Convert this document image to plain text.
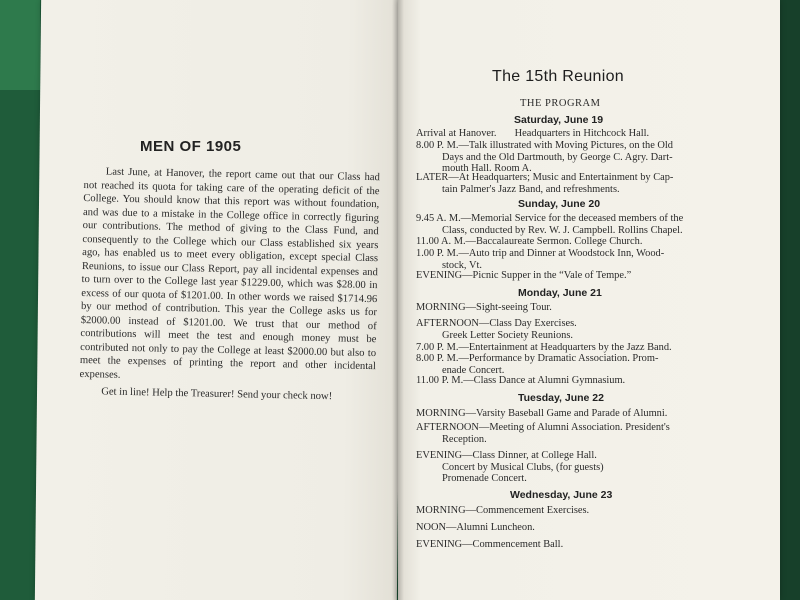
MEN OF 1905

Last June, at Hanover, the report came out that our Class had not reached its quota for taking care of the operating deficit of the College. You should know that this report was without foundation, and was due to a mistake in the College office in correctly figuring our contributions. The method of giving to the Class Fund, and consequently to the College which our Class established six years ago, has enabled us to meet every obligation, except special Class Reunions, to issue our Class Report, pay all incidental expenses and to turn over to the College last year $1229.00, which was $28.00 in excess of our quota of $1201.00. In other words we raised $1714.96 by our method of contribution. This year the College asks us for $2000.00 instead of $1201.00. We trust that our method of contributions will meet the test and enough money must be contributed not only to pay the College at least $2000.00 but also to meet the expenses of printing the report and other incidental expenses.

Get in line! Help the Treasurer! Send your check now!

The 15th Reunion
THE PROGRAM
Saturday, June 19
Arrival at Hanover.       Headquarters in Hitchcock Hall.
8.00 P. M.—Talk illustrated with Moving Pictures, on the Old
Days and the Old Dartmouth, by George C. Agry. Dart-
mouth Hall. Room A.
LATER—At Headquarters; Music and Entertainment by Cap-
tain Palmer's Jazz Band, and refreshments.
Sunday, June 20
9.45 A. M.—Memorial Service for the deceased members of the
Class, conducted by Rev. W. J. Campbell. Rollins Chapel.
11.00 A. M.—Baccalaureate Sermon. College Church.
1.00 P. M.—Auto trip and Dinner at Woodstock Inn, Wood-
stock, Vt.
EVENING—Picnic Supper in the “Vale of Tempe.”
Monday, June 21
MORNING—Sight-seeing Tour.
AFTERNOON—Class Day Exercises.
Greek Letter Society Reunions.
7.00 P. M.—Entertainment at Headquarters by the Jazz Band.
8.00 P. M.—Performance by Dramatic Association. Prom-
enade Concert.
11.00 P. M.—Class Dance at Alumni Gymnasium.
Tuesday, June 22
MORNING—Varsity Baseball Game and Parade of Alumni.
AFTERNOON—Meeting of Alumni Association. President's
Reception.
EVENING—Class Dinner, at College Hall.
Concert by Musical Clubs, (for guests)
Promenade Concert.
Wednesday, June 23
MORNING—Commencement Exercises.
NOON—Alumni Luncheon.
EVENING—Commencement Ball.
